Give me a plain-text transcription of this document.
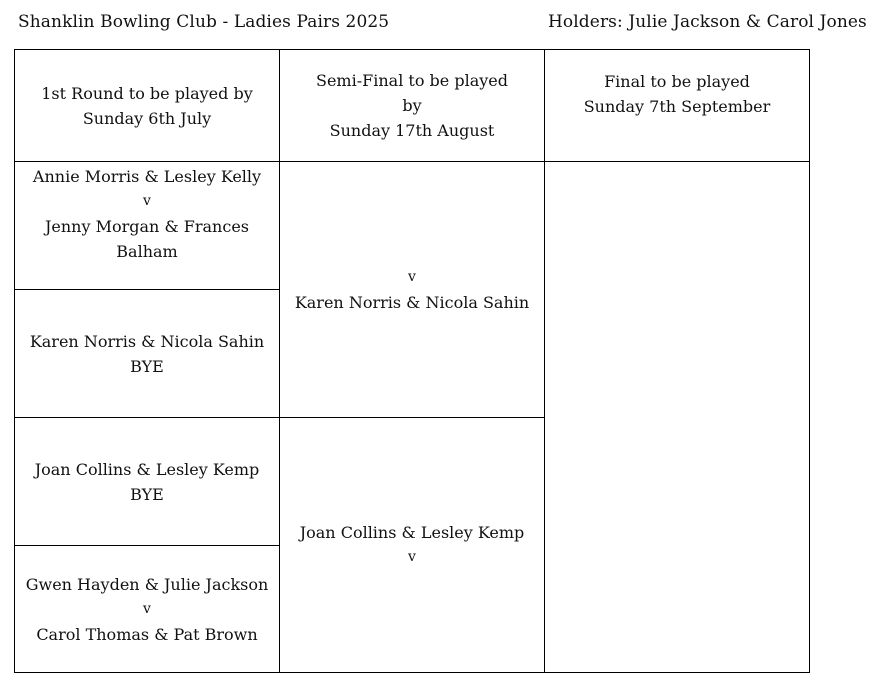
Shanklin Bowling Club - Ladies Pairs 2025	Holders: Julie Jackson & Carol Jones
1st Round to be played by
Sunday 6th July
Semi-Final to be played
by
Sunday 17th August
Final to be played
Sunday 7th September
Annie Morris & Lesley Kelly
v
Jenny Morgan & Frances
Balham
Karen Norris & Nicola Sahin
BYE
Joan Collins & Lesley Kemp
BYE
Gwen Hayden & Julie Jackson
v
Carol Thomas & Pat Brown
v
Karen Norris & Nicola Sahin
Joan Collins & Lesley Kemp
v
